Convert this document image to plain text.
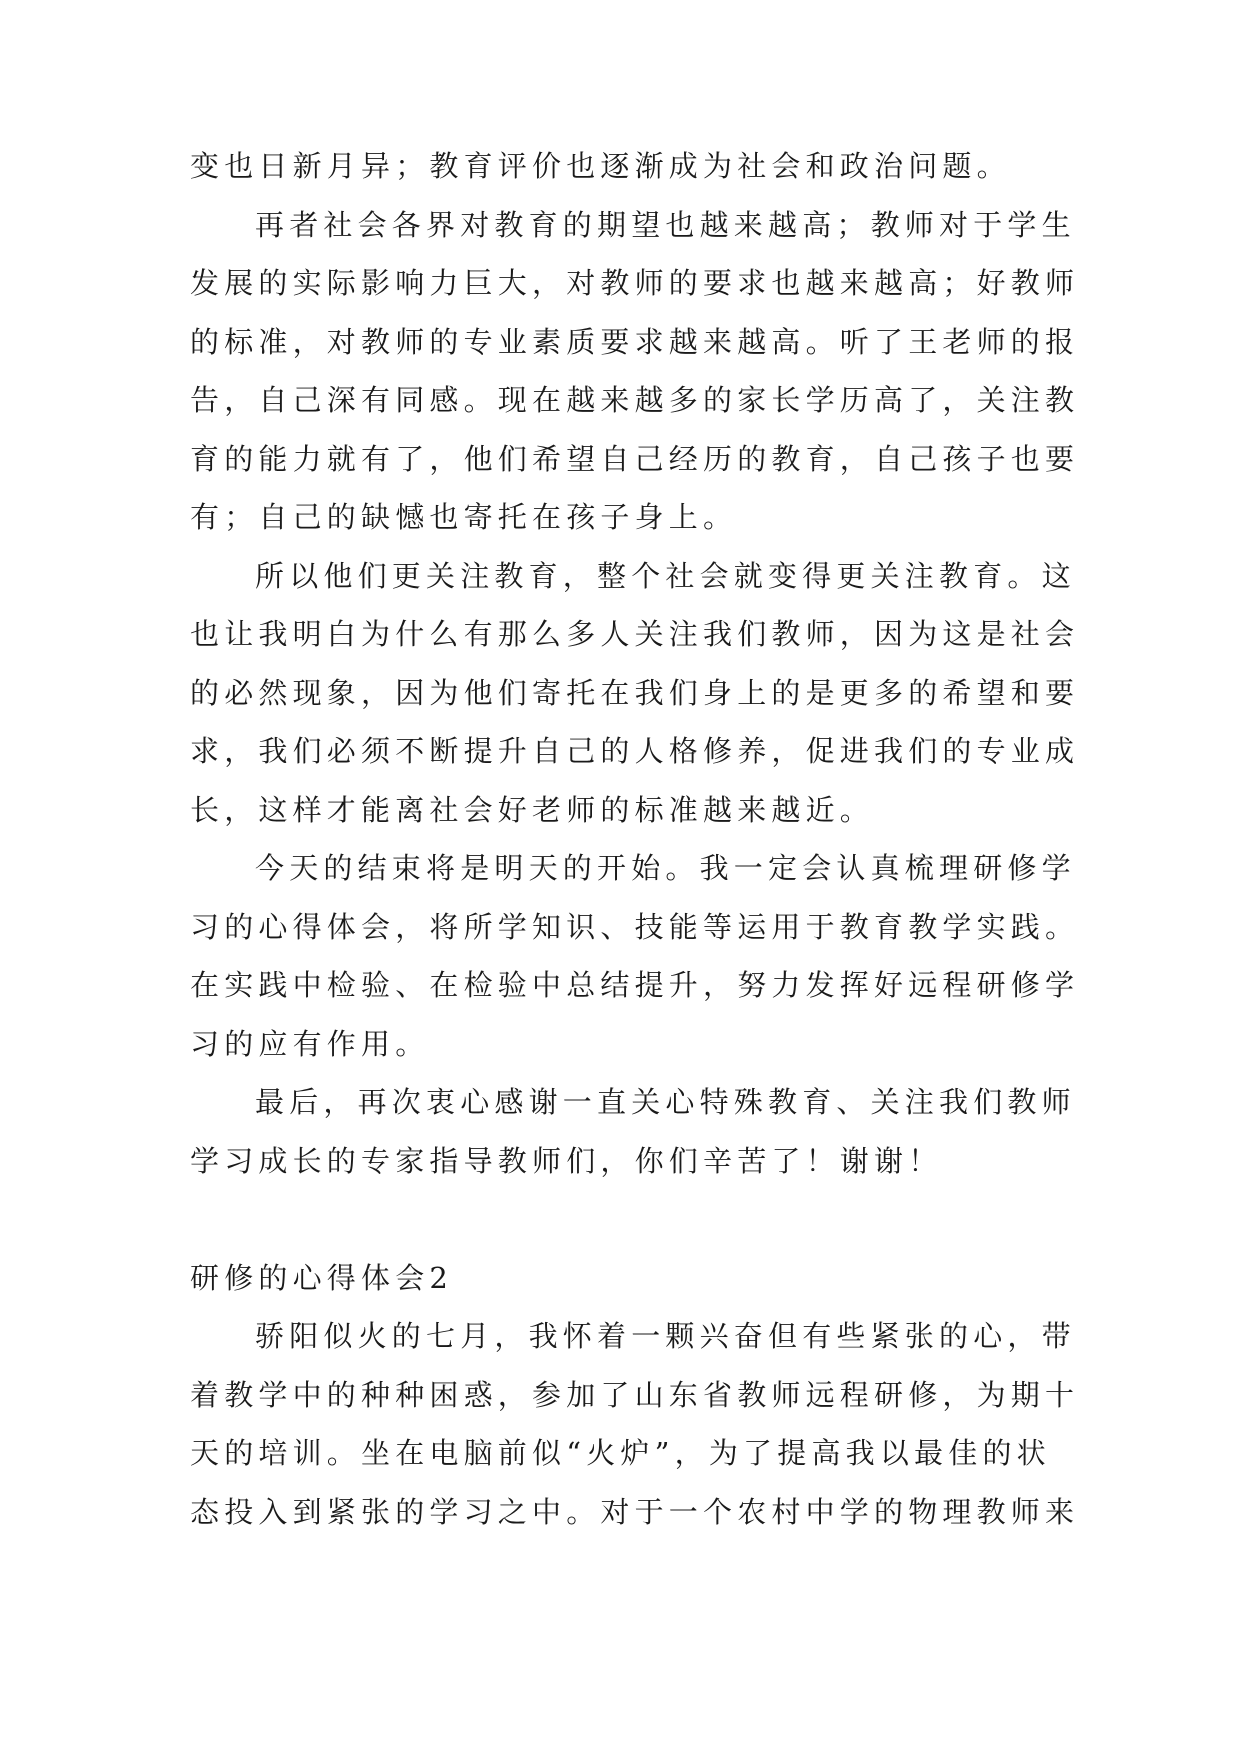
变也日新月异；教育评价也逐渐成为社会和政治问题。
再者社会各界对教育的期望也越来越高；教师对于学生
发展的实际影响力巨大，对教师的要求也越来越高；好教师
的标准，对教师的专业素质要求越来越高。听了王老师的报
告，自己深有同感。现在越来越多的家长学历高了，关注教
育的能力就有了，他们希望自己经历的教育，自己孩子也要
有；自己的缺憾也寄托在孩子身上。
所以他们更关注教育，整个社会就变得更关注教育。这
也让我明白为什么有那么多人关注我们教师，因为这是社会
的必然现象，因为他们寄托在我们身上的是更多的希望和要
求，我们必须不断提升自己的人格修养，促进我们的专业成
长，这样才能离社会好老师的标准越来越近。
今天的结束将是明天的开始。我一定会认真梳理研修学
习的心得体会，将所学知识、技能等运用于教育教学实践。
在实践中检验、在检验中总结提升，努力发挥好远程研修学
习的应有作用。
最后，再次衷心感谢一直关心特殊教育、关注我们教师
学习成长的专家指导教师们，你们辛苦了！谢谢！
研修的心得体会2
骄阳似火的七月，我怀着一颗兴奋但有些紧张的心，带
着教学中的种种困惑，参加了山东省教师远程研修，为期十
天的培训。坐在电脑前似“火炉”，为了提高我以最佳的状
态投入到紧张的学习之中。对于一个农村中学的物理教师来
